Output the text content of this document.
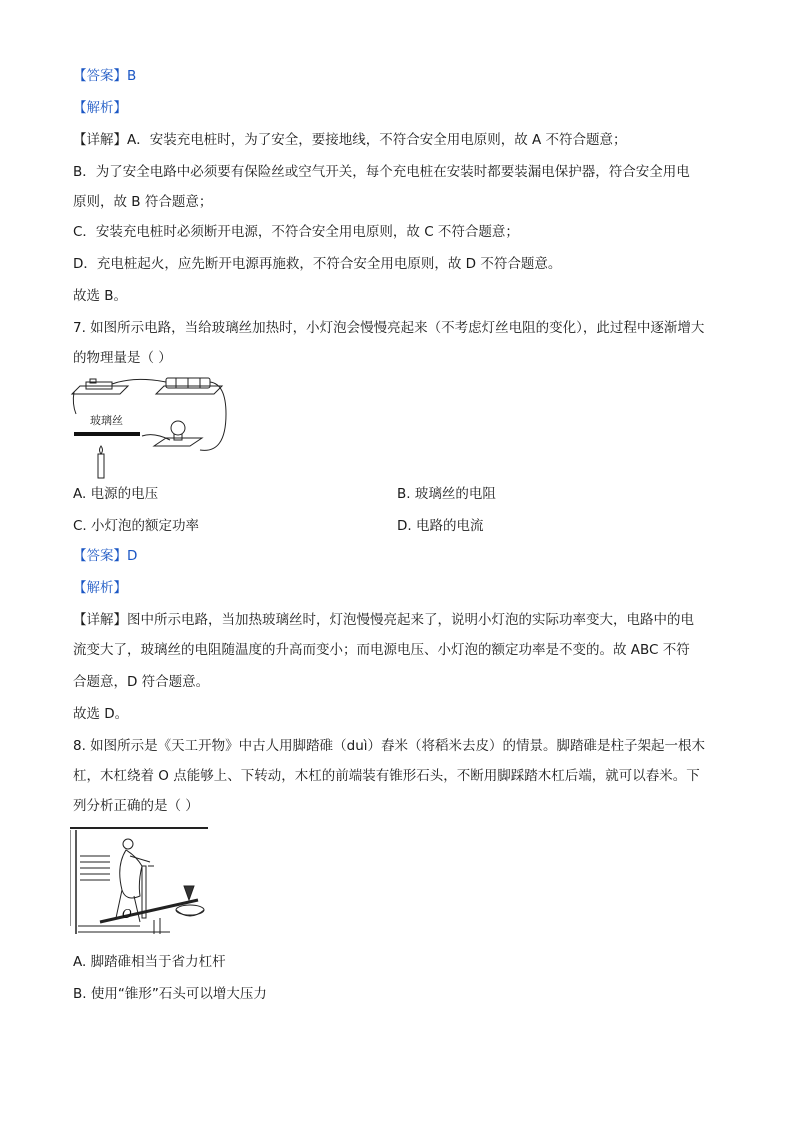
【答案】B
【解析】
【详解】A．安装充电桩时，为了安全，要接地线，不符合安全用电原则，故 A 不符合题意；
B．为了安全电路中必须要有保险丝或空气开关，每个充电桩在安装时都要装漏电保护器，符合安全用电
原则，故 B 符合题意；
C．安装充电桩时必须断开电源，不符合安全用电原则，故 C 不符合题意；
D．充电桩起火，应先断开电源再施救，不符合安全用电原则，故 D 不符合题意。
故选 B。
7. 如图所示电路，当给玻璃丝加热时，小灯泡会慢慢亮起来（不考虑灯丝电阻的变化），此过程中逐渐增大
的物理量是（ ）
玻璃丝
A. 电源的电压	B. 玻璃丝的电阻
C. 小灯泡的额定功率	D. 电路的电流
【答案】D
【解析】
【详解】图中所示电路，当加热玻璃丝时，灯泡慢慢亮起来了，说明小灯泡的实际功率变大，电路中的电
流变大了，玻璃丝的电阻随温度的升高而变小；而电源电压、小灯泡的额定功率是不变的。故 ABC 不符
合题意，D 符合题意。
故选 D。
8. 如图所示是《天工开物》中古人用脚踏碓（duì）舂米（将稻米去皮）的情景。脚踏碓是柱子架起一根木
杠，木杠绕着 O 点能够上、下转动，木杠的前端装有锥形石头，不断用脚踩踏木杠后端，就可以舂米。下
列分析正确的是（ ）
O
A. 脚踏碓相当于省力杠杆
B. 使用“锥形”石头可以增大压力
